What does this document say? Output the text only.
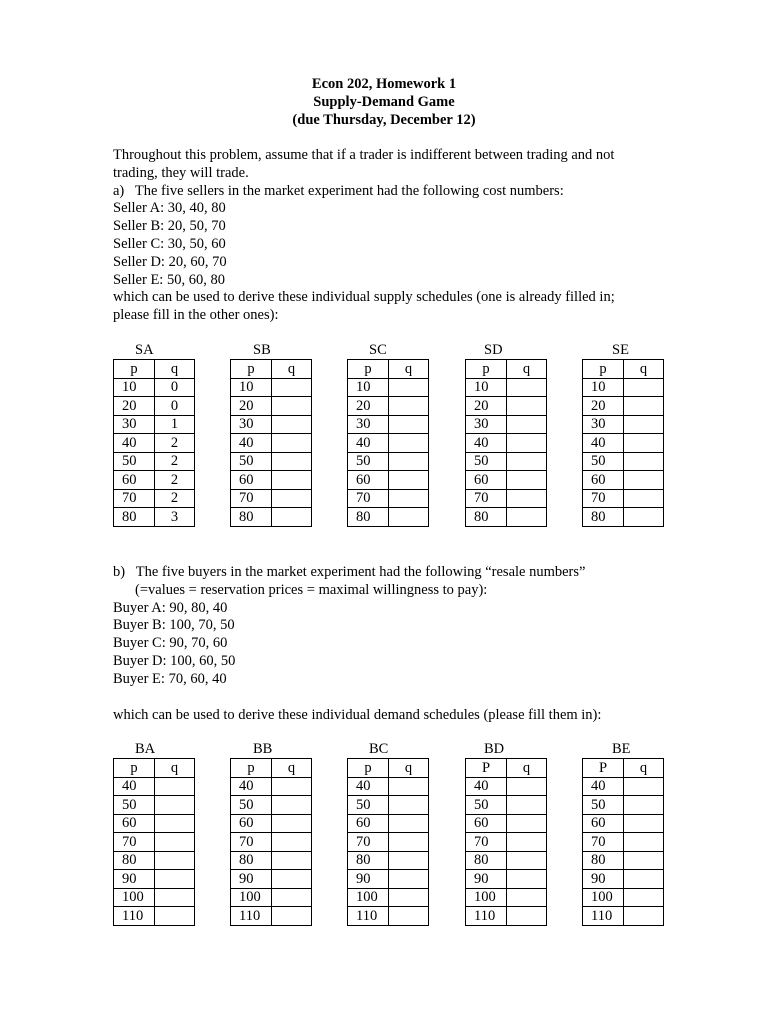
Econ 202, Homework 1
Supply-Demand Game
(due Thursday, December 12)
Throughout this problem, assume that if a trader is indifferent between trading and not
trading, they will trade.
a) The five sellers in the market experiment had the following cost numbers:
Seller A: 30, 40, 80
Seller B: 20, 50, 70
Seller C: 30, 50, 60
Seller D: 20, 60, 70
Seller E: 50, 60, 80
which can be used to derive these individual supply schedules (one is already filled in;
please fill in the other ones):
SA
p	q
10	0
20	0
30	1
40	2
50	2
60	2
70	2
80	3
SB
p	q
10	
20	
30	
40	
50	
60	
70	
80	
SC
p	q
10	
20	
30	
40	
50	
60	
70	
80	
SD
p	q
10	
20	
30	
40	
50	
60	
70	
80	
SE
p	q
10	
20	
30	
40	
50	
60	
70	
80	
b) The five buyers in the market experiment had the following “resale numbers”
(=values = reservation prices = maximal willingness to pay):
Buyer A: 90, 80, 40
Buyer B: 100, 70, 50
Buyer C: 90, 70, 60
Buyer D: 100, 60, 50
Buyer E: 70, 60, 40
which can be used to derive these individual demand schedules (please fill them in):
BA
p	q
40	
50	
60	
70	
80	
90	
100	
110	
BB
p	q
40	
50	
60	
70	
80	
90	
100	
110	
BC
p	q
40	
50	
60	
70	
80	
90	
100	
110	
BD
P	q
40	
50	
60	
70	
80	
90	
100	
110	
BE
P	q
40	
50	
60	
70	
80	
90	
100	
110	
